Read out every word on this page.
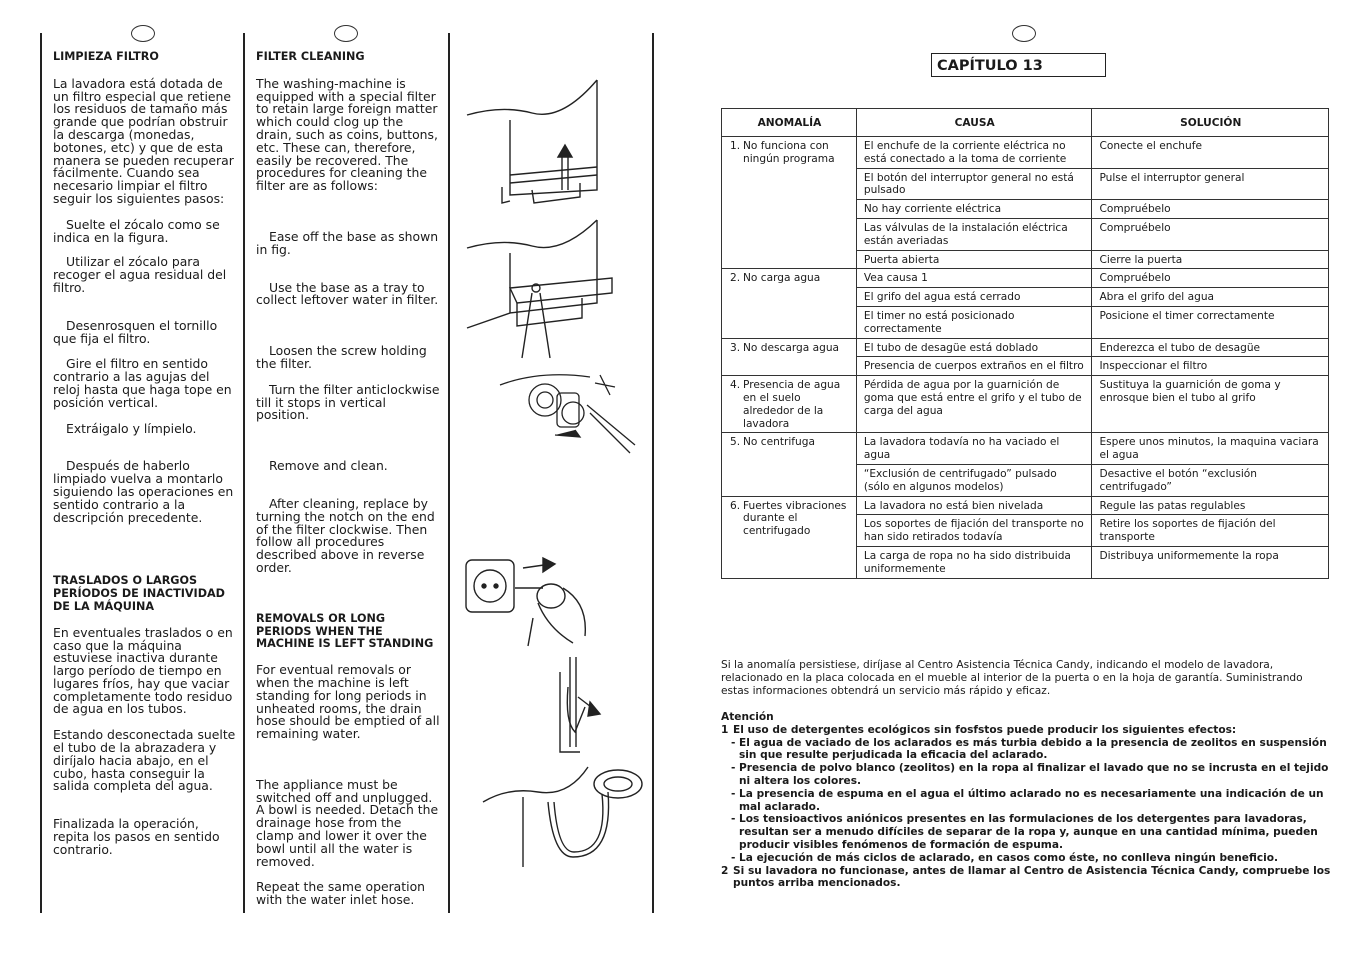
LIMPIEZA FILTRO

La lavadora está dotada de un filtro especial que retiene los residuos de tamaño más grande que podrían obstruir la descarga (monedas, botones, etc) y que de esta manera se pueden recuperar fácilmente. Cuando sea necesario limpiar el filtro seguir los siguientes pasos:

Suelte el zócalo como se indica en la figura.

Utilizar el zócalo para recoger el agua residual del filtro.

Desenrosquen el tornillo que fija el filtro.

Gire el filtro en sentido contrario a las agujas del reloj hasta que haga tope en posición vertical.

Extráigalo y límpielo.

Después de haberlo limpiado vuelva a montarlo siguiendo las operaciones en sentido contrario a la descripción precedente.

TRASLADOS O LARGOS PERÍODOS DE INACTIVIDAD DE LA MÁQUINA

En eventuales traslados o en caso que la máquina estuviese inactiva durante largo período de tiempo en lugares fríos, hay que vaciar completamente todo residuo de agua en los tubos.

Estando desconectada suelte el tubo de la abrazadera y diríjalo hacia abajo, en el cubo, hasta conseguir la salida completa del agua.

Finalizada la operación, repita los pasos en sentido contrario.

FILTER CLEANING

The washing-machine is equipped with a special filter to retain large foreign matter which could clog up the drain, such as coins, buttons, etc. These can, therefore, easily be recovered. The procedures for cleaning the filter are as follows:

Ease off the base as shown in fig.

Use the base as a tray to collect leftover water in filter.

Loosen the screw holding the filter.

Turn the filter anticlockwise till it stops in vertical position.

Remove and clean.

After cleaning, replace by turning the notch on the end of the filter clockwise. Then follow all procedures described above in reverse order.

REMOVALS OR LONG PERIODS WHEN THE MACHINE IS LEFT STANDING

For eventual removals or when the machine is left standing for long periods in unheated rooms, the drain hose should be emptied of all remaining water.

The appliance must be switched off and unplugged. A bowl is needed. Detach the drainage hose from the clamp and lower it over the bowl until all the water is removed.

Repeat the same operation with the water inlet hose.

CAPÍTULO 13
ANOMALÍA	CAUSA	SOLUCIÓN

1. No funciona con ningún programa	El enchufe de la corriente eléctrica no está conectado a la toma de corriente	Conecte el enchufe
	El botón del interruptor general no está pulsado	Pulse el interruptor general
	No hay corriente eléctrica	Compruébelo
	Las válvulas de la instalación eléctrica están averiadas	Compruébelo
	Puerta abierta	Cierre la puerta

2. No carga agua	Vea causa 1	Compruébelo
	El grifo del agua está cerrado	Abra el grifo del agua
	El timer no está posicionado correctamente	Posicione el timer correctamente

3. No descarga agua	El tubo de desagüe está doblado	Enderezca el tubo de desagüe
	Presencia de cuerpos extraños en el filtro	Inspeccionar el filtro

4. Presencia de agua en el suelo alrededor de la lavadora	Pérdida de agua por la guarnición de goma que está entre el grifo y el tubo de carga del agua	Sustituya la guarnición de goma y enrosque bien el tubo al grifo

5. No centrifuga	La lavadora todavía no ha vaciado el agua	Espere unos minutos, la maquina vaciara el agua
	“Exclusión de centrifugado” pulsado (sólo en algunos modelos)	Desactive el botón “exclusión centrifugado”

6. Fuertes vibraciones durante el centrifugado	La lavadora no está bien nivelada	Regule las patas regulables
	Los soportes de fijación del transporte no han sido retirados todavía	Retire los soportes de fijación del transporte
	La carga de ropa no ha sido distribuida uniformemente	Distribuya uniformemente la ropa
Si la anomalía persistiese, diríjase al Centro Asistencia Técnica Candy, indicando el modelo de lavadora, relacionado en la placa colocada en el mueble al interior de la puerta o en la hoja de garantía. Suministrando estas informaciones obtendrá un servicio más rápido y eficaz.
Atención
1 El uso de detergentes ecológicos sin fosfstos puede producir los siguientes efectos:
- El agua de vaciado de los aclarados es más turbia debido a la presencia de zeolitos en suspensión sin que resulte perjudicada la eficacia del aclarado.
- Presencia de polvo blanco (zeolitos) en la ropa al finalizar el lavado que no se incrusta en el tejido ni altera los colores.
- La presencia de espuma en el agua el último aclarado no es necesariamente una indicación de un mal aclarado.
- Los tensioactivos aniónicos presentes en las formulaciones de los detergentes para lavadoras, resultan ser a menudo difíciles de separar de la ropa y, aunque en una cantidad mínima, pueden producir visibles fenómenos de formación de espuma.
- La ejecución de más ciclos de aclarado, en casos como éste, no conlleva ningún beneficio.
2 Si su lavadora no funcionase, antes de llamar al Centro de Asistencia Técnica Candy, compruebe los puntos arriba mencionados.
